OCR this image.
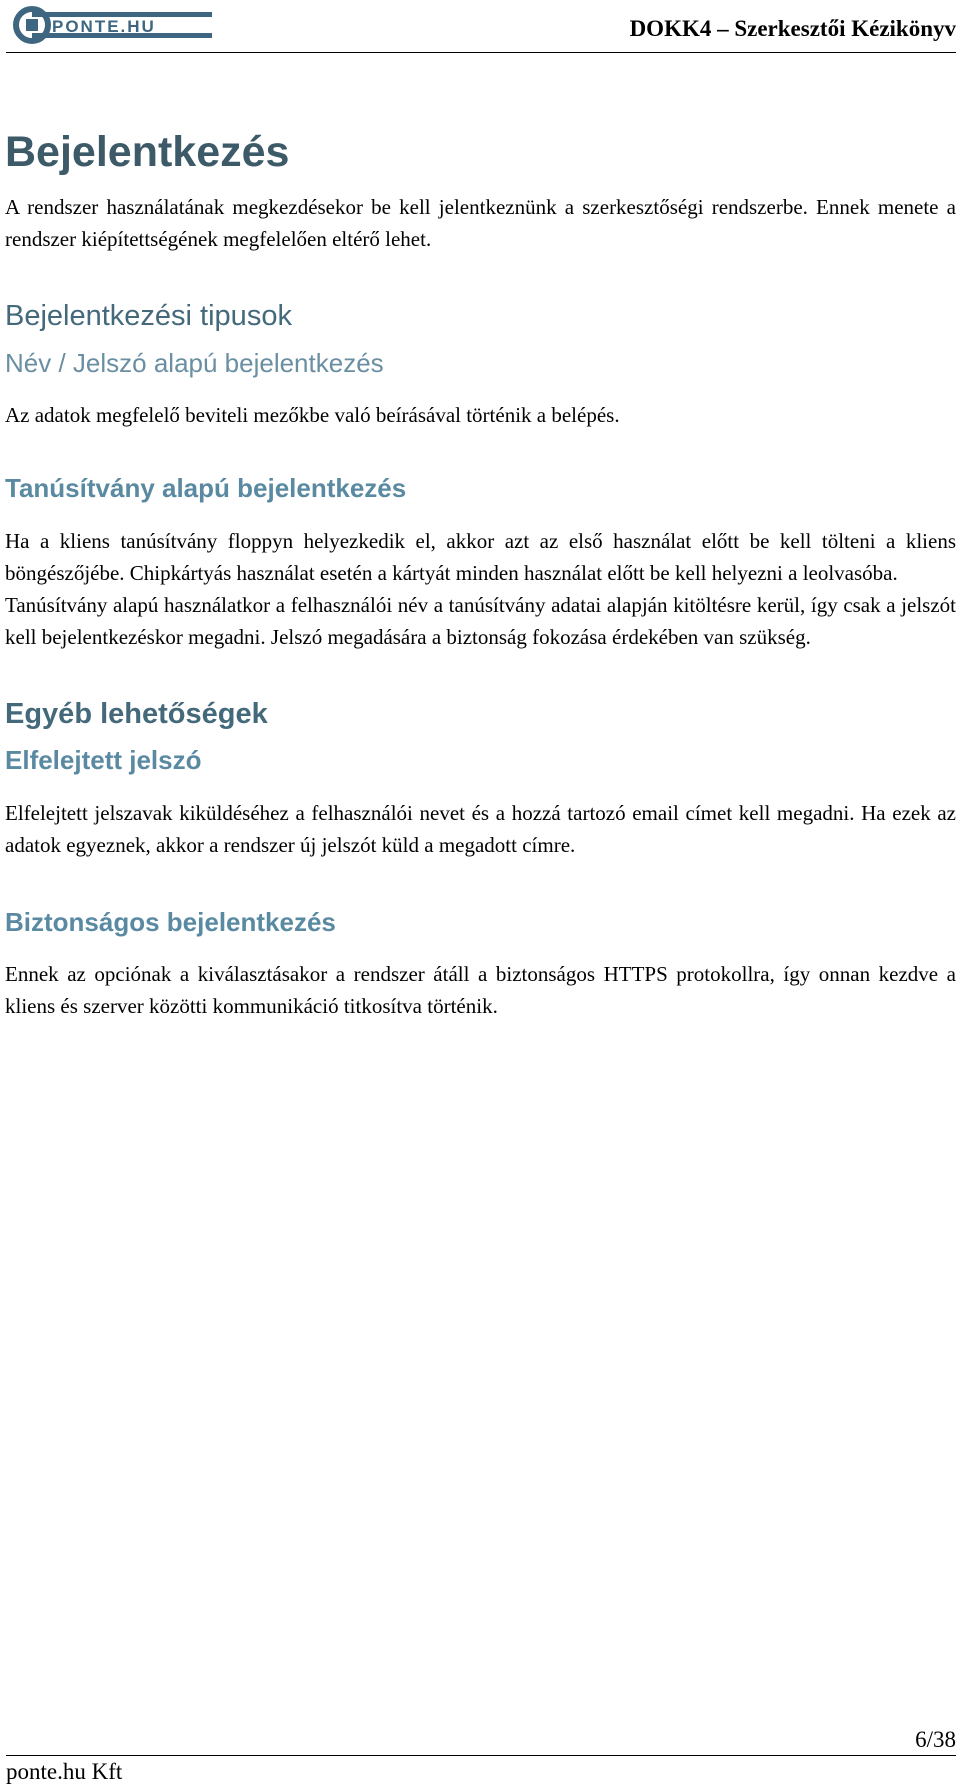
PONTE.HU	DOKK4 – Szerkesztői Kézikönyv
Bejelentkezés

A rendszer használatának megkezdésekor be kell jelentkeznünk a szerkesztőségi rendszerbe. Ennek menete a rendszer kiépítettségének megfelelően eltérő lehet.

Bejelentkezési tipusok
Név / Jelszó alapú bejelentkezés

Az adatok megfelelő beviteli mezőkbe való beírásával történik a belépés.

Tanúsítvány alapú bejelentkezés

Ha a kliens tanúsítvány floppyn helyezkedik el, akkor azt az első használat előtt be kell tölteni a kliens böngészőjébe. Chipkártyás használat esetén a kártyát minden használat előtt be kell helyezni a leolvasóba.

Tanúsítvány alapú használatkor a felhasználói név a tanúsítvány adatai alapján kitöltésre kerül, így csak a jelszót kell bejelentkezéskor megadni. Jelszó megadására a biztonság fokozása érdekében van szükség.

Egyéb lehetőségek
Elfelejtett jelszó

Elfelejtett jelszavak kiküldéséhez a felhasználói nevet és a hozzá tartozó email címet kell megadni. Ha ezek az adatok egyeznek, akkor a rendszer új jelszót küld a megadott címre.

Biztonságos bejelentkezés

Ennek az opciónak a kiválasztásakor a rendszer átáll a biztonságos HTTPS protokollra, így onnan kezdve a kliens és szerver közötti kommunikáció titkosítva történik.

6/38
ponte.hu Kft
